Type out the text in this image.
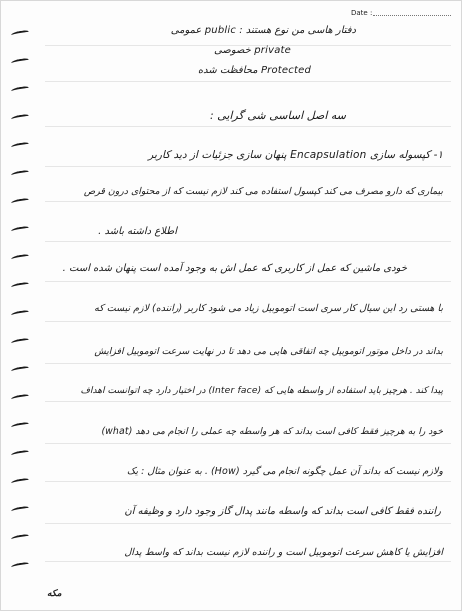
Date :
دفتار هاسی من نوع هستند : public عمومی
private خصوصی
Protected محافظت شده
سه اصل اساسی شی گرایی :
۱- کپسوله سازی Encapsulation پنهان سازی جزئیات از دید کاربر
بیماری که دارو مصرف می کند کپسول استفاده می کند لازم نیست که از محتوای درون قرص
اطلاع داشته باشد .
خودی ماشین که عمل از کاربری که عمل اش به وجود آمده است پنهان شده است .
با هستی رد این سیال کار سری است اتوموبیل زیاد می شود کاربر (راننده) لازم نیست که
بداند در داخل موتور اتوموبیل چه اتفاقی هایی می دهد تا در نهایت سرعت اتوموبیل افزایش
پیدا کند . هرچیز باید استفاده از واسطه هایی که (Inter face) در اختیار دارد چه اتوانست اهداف
خود را به هرچیز فقط کافی است بداند که هر واسطه چه عملی را انجام می دهد (what)
ولازم نیست که بداند آن عمل چگونه انجام می گیرد (How) . به عنوان مثال : یک
راننده فقط کافی است بداند که واسطه مانند پدال گاز وجود دارد و وظیفه آن
افزایش یا کاهش سرعت اتوموبیل است و راننده لازم نیست بداند که واسط پدال
مکه
